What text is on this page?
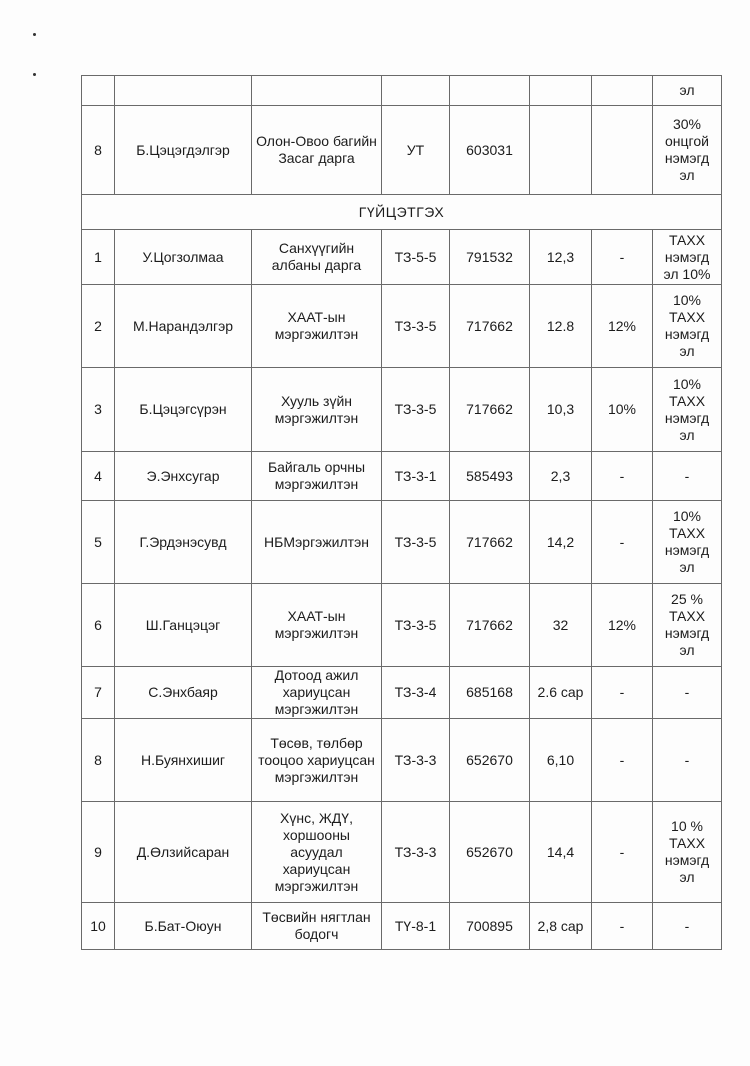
							эл
8	Б.Цэцэгдэлгэр	Олон-Овоо багийн Засаг дарга	УТ	603031			30% онцгой нэмэгд эл
ГҮЙЦЭТГЭХ							
1	У.Цогзолмаа	Санхүүгийн албаны дарга	ТЗ-5-5	791532	12,3	-	ТАХХ нэмэгд эл 10%
2	М.Нарандэлгэр	ХААТ-ын мэргэжилтэн	ТЗ-3-5	717662	12.8	12%	10% ТАХХ нэмэгд эл
3	Б.Цэцэгсүрэн	Хууль зүйн мэргэжилтэн	ТЗ-3-5	717662	10,3	10%	10% ТАХХ нэмэгд эл
4	Э.Энхсугар	Байгаль орчны мэргэжилтэн	ТЗ-3-1	585493	2,3	-	-
5	Г.Эрдэнэсувд	НБМэргэжилтэн	ТЗ-3-5	717662	14,2	-	10% ТАХХ нэмэгд эл
6	Ш.Ганцэцэг	ХААТ-ын мэргэжилтэн	ТЗ-3-5	717662	32	12%	25 % ТАХХ нэмэгд эл
7	С.Энхбаяр	Дотоод ажил хариуцсан мэргэжилтэн	ТЗ-3-4	685168	2.6 сар	-	-
8	Н.Буянхишиг	Төсөв, төлбөр тооцоо хариуцсан мэргэжилтэн	ТЗ-3-3	652670	6,10	-	-
9	Д.Өлзийсаран	Хүнс, ЖДҮ, хоршооны асуудал хариуцсан мэргэжилтэн	ТЗ-3-3	652670	14,4	-	10 % ТАХХ нэмэгд эл
10	Б.Бат-Оюун	Төсвийн нягтлан бодогч	ТҮ-8-1	700895	2,8 сар	-	-
